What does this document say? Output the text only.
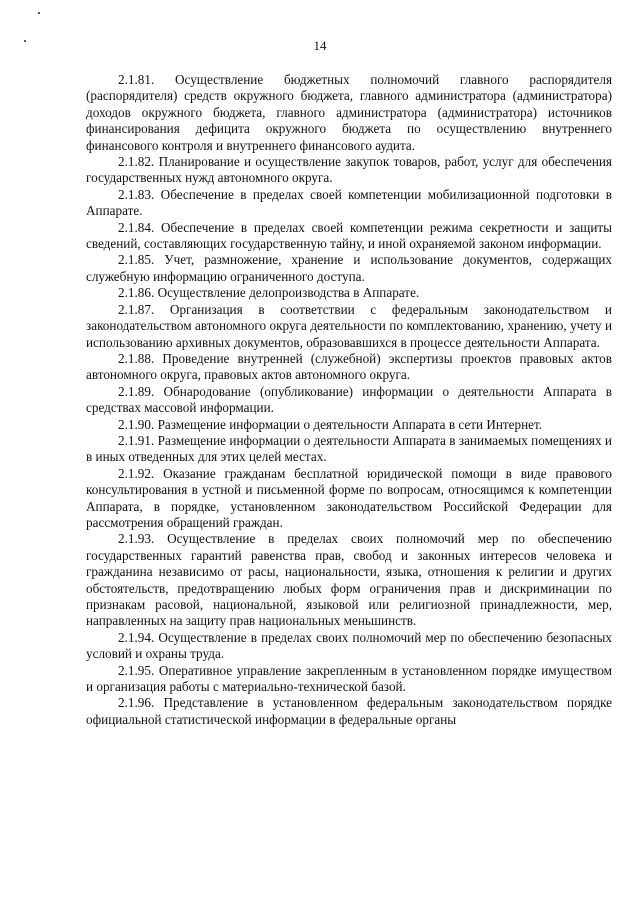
14

2.1.81. Осуществление бюджетных полномочий главного распорядителя (распорядителя) средств окружного бюджета, главного администратора (администратора) доходов окружного бюджета, главного администратора (администратора) источников финансирования дефицита окружного бюджета по осуществлению внутреннего финансового контроля и внутреннего финансового аудита.

2.1.82. Планирование и осуществление закупок товаров, работ, услуг для обеспечения государственных нужд автономного округа.

2.1.83. Обеспечение в пределах своей компетенции мобилизационной подготовки в Аппарате.

2.1.84. Обеспечение в пределах своей компетенции режима секретности и защиты сведений, составляющих государственную тайну, и иной охраняемой законом информации.

2.1.85. Учет, размножение, хранение и использование документов, содержащих служебную информацию ограниченного доступа.

2.1.86. Осуществление делопроизводства в Аппарате.

2.1.87. Организация в соответствии с федеральным законодательством и законодательством автономного округа деятельности по комплектованию, хранению, учету и использованию архивных документов, образовавшихся в процессе деятельности Аппарата.

2.1.88. Проведение внутренней (служебной) экспертизы проектов правовых актов автономного округа, правовых актов автономного округа.

2.1.89. Обнародование (опубликование) информации о деятельности Аппарата в средствах массовой информации.

2.1.90. Размещение информации о деятельности Аппарата в сети Интернет.

2.1.91. Размещение информации о деятельности Аппарата в занимаемых помещениях и в иных отведенных для этих целей местах.

2.1.92. Оказание гражданам бесплатной юридической помощи в виде правового консультирования в устной и письменной форме по вопросам, относящимся к компетенции Аппарата, в порядке, установленном законодательством Российской Федерации для рассмотрения обращений граждан.

2.1.93. Осуществление в пределах своих полномочий мер по обеспечению государственных гарантий равенства прав, свобод и законных интересов человека и гражданина независимо от расы, национальности, языка, отношения к религии и других обстоятельств, предотвращению любых форм ограничения прав и дискриминации по признакам расовой, национальной, языковой или религиозной принадлежности, мер, направленных на защиту прав национальных меньшинств.

2.1.94. Осуществление в пределах своих полномочий мер по обеспечению безопасных условий и охраны труда.

2.1.95. Оперативное управление закрепленным в установленном порядке имуществом и организация работы с материально-технической базой.

2.1.96. Представление в установленном федеральным законодательством порядке официальной статистической информации в федеральные органы
